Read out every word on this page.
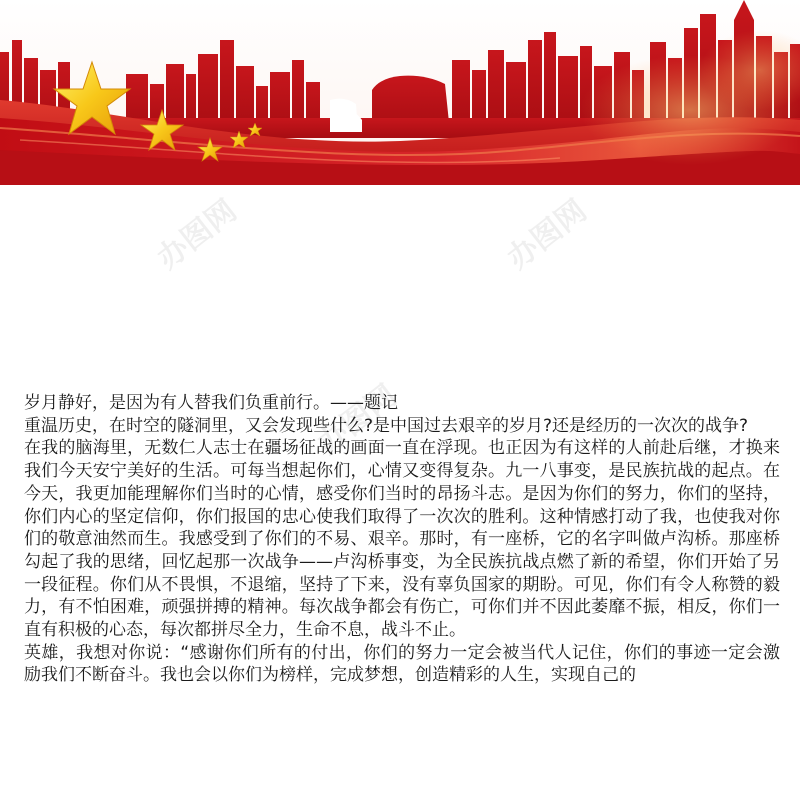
办图网	办图网
办图网

岁月静好，是因为有人替我们负重前行。——题记

重温历史，在时空的隧洞里，又会发现些什么?是中国过去艰辛的岁月?还是经历的一次次的战争?

在我的脑海里，无数仁人志士在疆场征战的画面一直在浮现。也正因为有这样的人前赴后继，才换来我们今天安宁美好的生活。可每当想起你们，心情又变得复杂。九一八事变，是民族抗战的起点。在今天，我更加能理解你们当时的心情，感受你们当时的昂扬斗志。是因为你们的努力，你们的坚持，你们内心的坚定信仰，你们报国的忠心使我们取得了一次次的胜利。这种情感打动了我，也使我对你们的敬意油然而生。我感受到了你们的不易、艰辛。那时，有一座桥，它的名字叫做卢沟桥。那座桥勾起了我的思绪，回忆起那一次战争——卢沟桥事变，为全民族抗战点燃了新的希望，你们开始了另一段征程。你们从不畏惧，不退缩，坚持了下来，没有辜负国家的期盼。可见，你们有令人称赞的毅力，有不怕困难，顽强拼搏的精神。每次战争都会有伤亡，可你们并不因此萎靡不振，相反，你们一直有积极的心态，每次都拼尽全力，生命不息，战斗不止。

英雄，我想对你说：“感谢你们所有的付出，你们的努力一定会被当代人记住，你们的事迹一定会激励我们不断奋斗。我也会以你们为榜样，完成梦想，创造精彩的人生，实现自己的
